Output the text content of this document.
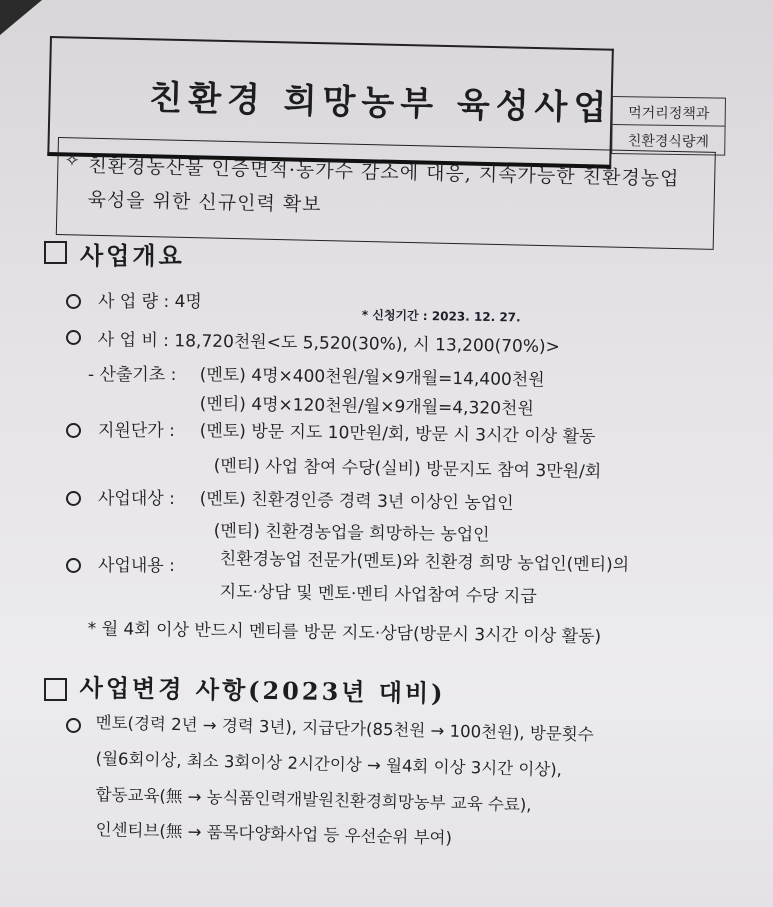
친환경 희망농부 육성사업	먹거리정책과
친환경식량계
✧ 친환경농산물 인증면적·농가수 감소에 대응, 지속가능한 친환경농업
육성을 위한 신규인력 확보
사업개요
사 업 량 : 4명
* 신청기간 : 2023. 12. 27.
사 업 비 : 18,720천원<도 5,520(30%), 시 13,200(70%)>
- 산출기초 : (멘토) 4명×400천원/월×9개월=14,400천원
(멘티) 4명×120천원/월×9개월=4,320천원
지원단가 : (멘토) 방문 지도 10만원/회, 방문 시 3시간 이상 활동
(멘티) 사업 참여 수당(실비) 방문지도 참여 3만원/회
사업대상 : (멘토) 친환경인증 경력 3년 이상인 농업인
(멘티) 친환경농업을 희망하는 농업인
사업내용 :	친환경농업 전문가(멘토)와 친환경 희망 농업인(멘티)의
지도·상담 및 멘토·멘티 사업참여 수당 지급
* 월 4회 이상 반드시 멘티를 방문 지도·상담(방문시 3시간 이상 활동)
사업변경 사항(2023년 대비)
멘토(경력 2년 → 경력 3년), 지급단가(85천원 → 100천원), 방문횟수
(월6회이상, 최소 3회이상 2시간이상 → 월4회 이상 3시간 이상),
합동교육(無 → 농식품인력개발원친환경희망농부 교육 수료),
인센티브(無 → 품목다양화사업 등 우선순위 부여)
